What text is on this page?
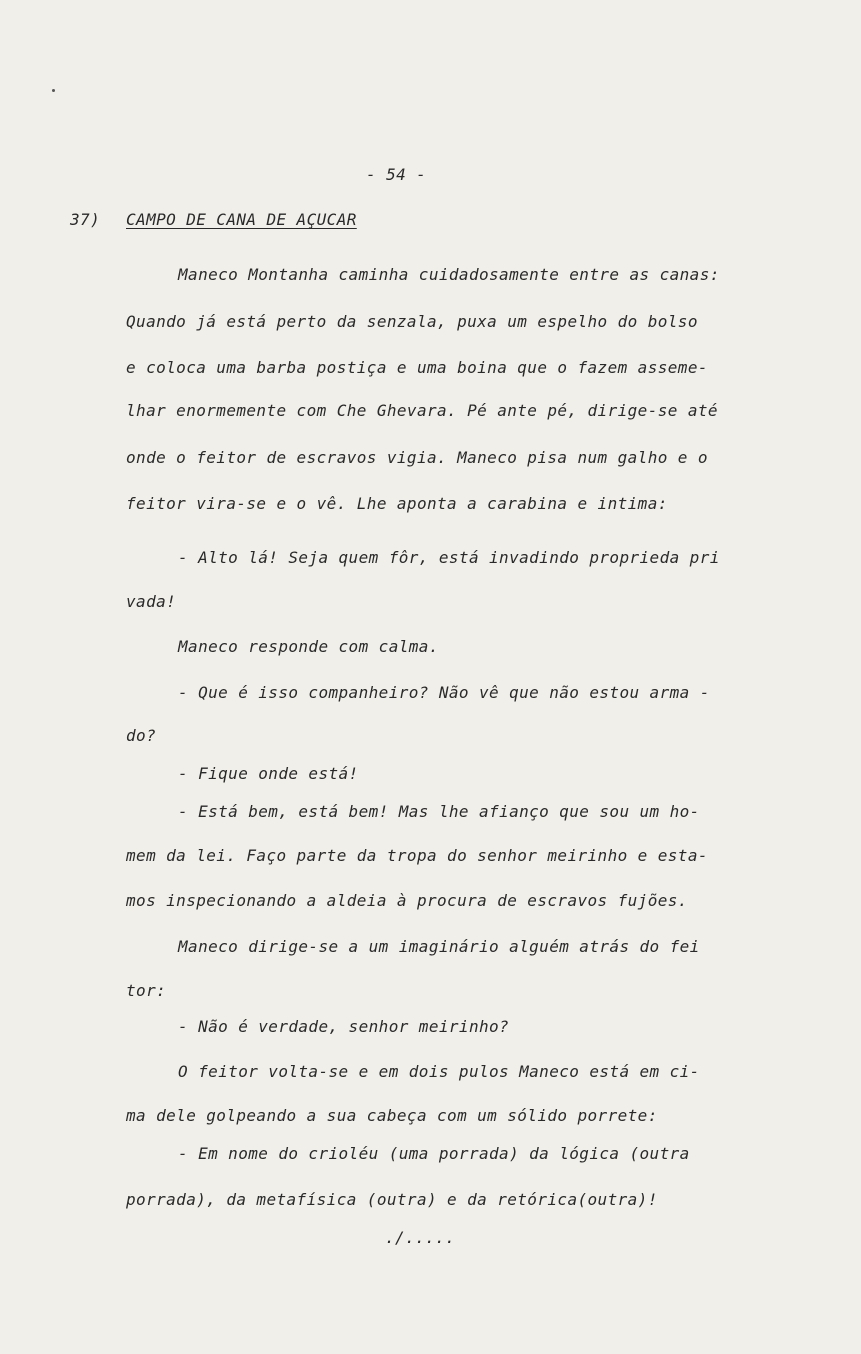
- 54 -
37) CAMPO DE CANA DE AÇUCAR
Maneco Montanha caminha cuidadosamente entre as canas:
Quando já está perto da senzala, puxa um espelho do bolso
e coloca uma barba postiça e uma boina que o fazem asseme-
lhar enormemente com Che Ghevara. Pé ante pé, dirige-se até
onde o feitor de escravos vigia. Maneco pisa num galho e o
feitor vira-se e o vê. Lhe aponta a carabina e intima:
- Alto lá! Seja quem fôr, está invadindo proprieda pri
vada!
Maneco responde com calma.
- Que é isso companheiro? Não vê que não estou arma -
do?
- Fique onde está!
- Está bem, está bem! Mas lhe afianço que sou um ho-
mem da lei. Faço parte da tropa do senhor meirinho e esta-
mos inspecionando a aldeia à procura de escravos fujões.
Maneco dirige-se a um imaginário alguém atrás do fei
tor:
- Não é verdade, senhor meirinho?
O feitor volta-se e em dois pulos Maneco está em ci-
ma dele golpeando a sua cabeça com um sólido porrete:
- Em nome do crioléu (uma porrada) da lógica (outra
porrada), da metafísica (outra) e da retórica(outra)!
./.....
